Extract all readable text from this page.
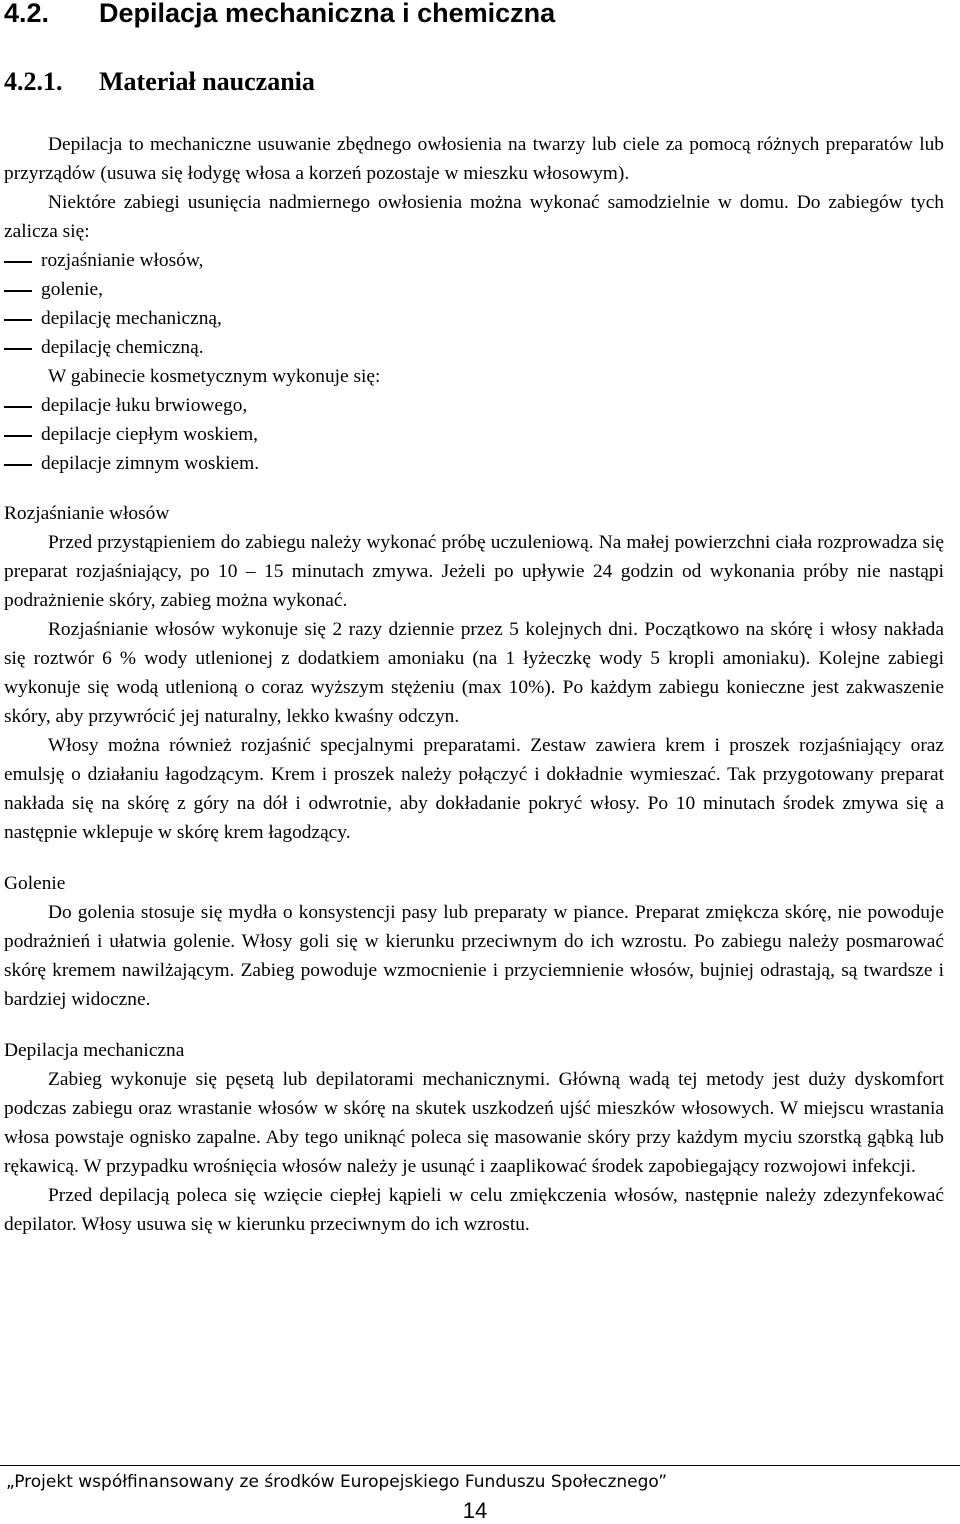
4.2. Depilacja mechaniczna i chemiczna
4.2.1. Materiał nauczania

Depilacja to mechaniczne usuwanie zbędnego owłosienia na twarzy lub ciele za pomocą różnych preparatów lub przyrządów (usuwa się łodygę włosa a korzeń pozostaje w mieszku włosowym).

Niektóre zabiegi usunięcia nadmiernego owłosienia można wykonać samodzielnie w domu. Do zabiegów tych zalicza się:

rozjaśnianie włosów,
golenie,
depilację mechaniczną,
depilację chemiczną.

W gabinecie kosmetycznym wykonuje się:

depilacje łuku brwiowego,
depilacje ciepłym woskiem,
depilacje zimnym woskiem.

Rozjaśnianie włosów

Przed przystąpieniem do zabiegu należy wykonać próbę uczuleniową. Na małej powierzchni ciała rozprowadza się preparat rozjaśniający, po 10 – 15 minutach zmywa. Jeżeli po upływie 24 godzin od wykonania próby nie nastąpi podrażnienie skóry, zabieg można wykonać.

Rozjaśnianie włosów wykonuje się 2 razy dziennie przez 5 kolejnych dni. Początkowo na skórę i włosy nakłada się roztwór 6 % wody utlenionej z dodatkiem amoniaku (na 1 łyżeczkę wody 5 kropli amoniaku). Kolejne zabiegi wykonuje się wodą utlenioną o coraz wyższym stężeniu (max 10%). Po każdym zabiegu konieczne jest zakwaszenie skóry, aby przywrócić jej naturalny, lekko kwaśny odczyn.

Włosy można również rozjaśnić specjalnymi preparatami. Zestaw zawiera krem i proszek rozjaśniający oraz emulsję o działaniu łagodzącym. Krem i proszek należy połączyć i dokładnie wymieszać. Tak przygotowany preparat nakłada się na skórę z góry na dół i odwrotnie, aby dokładanie pokryć włosy. Po 10 minutach środek zmywa się a następnie wklepuje w skórę krem łagodzący.

Golenie

Do golenia stosuje się mydła o konsystencji pasy lub preparaty w piance. Preparat zmiękcza skórę, nie powoduje podrażnień i ułatwia golenie. Włosy goli się w kierunku przeciwnym do ich wzrostu. Po zabiegu należy posmarować skórę kremem nawilżającym. Zabieg powoduje wzmocnienie i przyciemnienie włosów, bujniej odrastają, są twardsze i bardziej widoczne.

Depilacja mechaniczna

Zabieg wykonuje się pęsetą lub depilatorami mechanicznymi. Główną wadą tej metody jest duży dyskomfort podczas zabiegu oraz wrastanie włosów w skórę na skutek uszkodzeń ujść mieszków włosowych. W miejscu wrastania włosa powstaje ognisko zapalne. Aby tego uniknąć poleca się masowanie skóry przy każdym myciu szorstką gąbką lub rękawicą. W przypadku wrośnięcia włosów należy je usunąć i zaaplikować środek zapobiegający rozwojowi infekcji.

Przed depilacją poleca się wzięcie ciepłej kąpieli w celu zmiękczenia włosów, następnie należy zdezynfekować depilator. Włosy usuwa się w kierunku przeciwnym do ich wzrostu.

„Projekt współfinansowany ze środków Europejskiego Funduszu Społecznego”
14
